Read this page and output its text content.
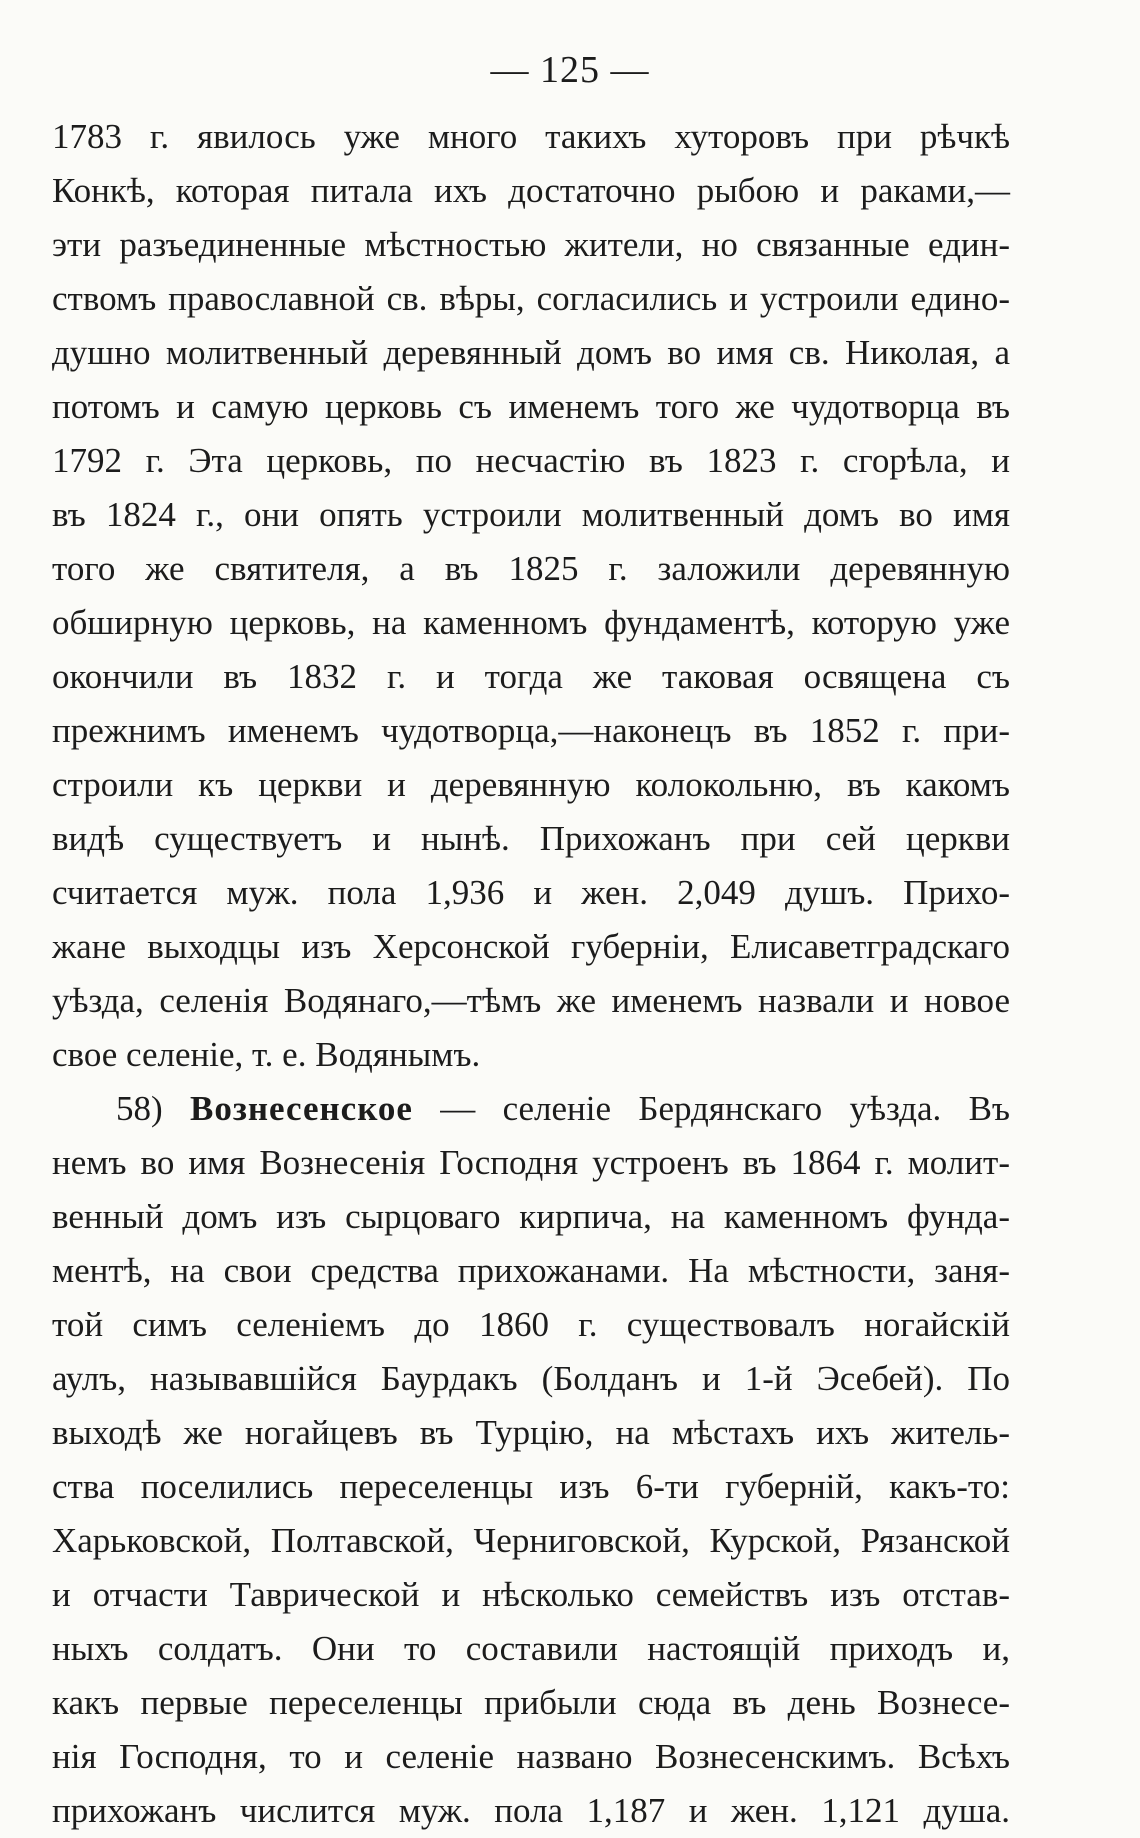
— 125 —
1783 г. явилось уже много такихъ хуторовъ при рѣчкѣ
Конкѣ, которая питала ихъ достаточно рыбою и раками,—
эти разъединенные мѣстностью жители, но связанные един-
ствомъ православной св. вѣры, согласились и устроили едино-
душно молитвенный деревянный домъ во имя св. Николая, а
потомъ и самую церковь съ именемъ того же чудотворца въ
1792 г. Эта церковь, по несчастію въ 1823 г. сгорѣла, и
въ 1824 г., они опять устроили молитвенный домъ во имя
того же святителя, а въ 1825 г. заложили деревянную
обширную церковь, на каменномъ фундаментѣ, которую уже
окончили въ 1832 г. и тогда же таковая освящена съ
прежнимъ именемъ чудотворца,—наконецъ въ 1852 г. при-
строили къ церкви и деревянную колокольню, въ какомъ
видѣ существуетъ и нынѣ. Прихожанъ при сей церкви
считается муж. пола 1,936 и жен. 2,049 душъ. Прихо-
жане выходцы изъ Херсонской губерніи, Елисаветградскаго
уѣзда, селенія Водянаго,—тѣмъ же именемъ назвали и новое
свое селеніе, т. е. Водянымъ.
58) Вознесенское — селеніе Бердянскаго уѣзда. Въ
немъ во имя Вознесенія Господня устроенъ въ 1864 г. молит-
венный домъ изъ сырцоваго кирпича, на каменномъ фунда-
ментѣ, на свои средства прихожанами. На мѣстности, заня-
той симъ селеніемъ до 1860 г. существовалъ ногайскій
аулъ, называвшійся Баурдакъ (Болданъ и 1-й Эсебей). По
выходѣ же ногайцевъ въ Турцію, на мѣстахъ ихъ житель-
ства поселились переселенцы изъ 6-ти губерній, какъ-то:
Харьковской, Полтавской, Черниговской, Курской, Рязанской
и отчасти Таврической и нѣсколько семействъ изъ отстав-
ныхъ солдатъ. Они то составили настоящій приходъ и,
какъ первые переселенцы прибыли сюда въ день Вознесе-
нія Господня, то и селеніе названо Вознесенскимъ. Всѣхъ
прихожанъ числится муж. пола 1,187 и жен. 1,121 душа.
